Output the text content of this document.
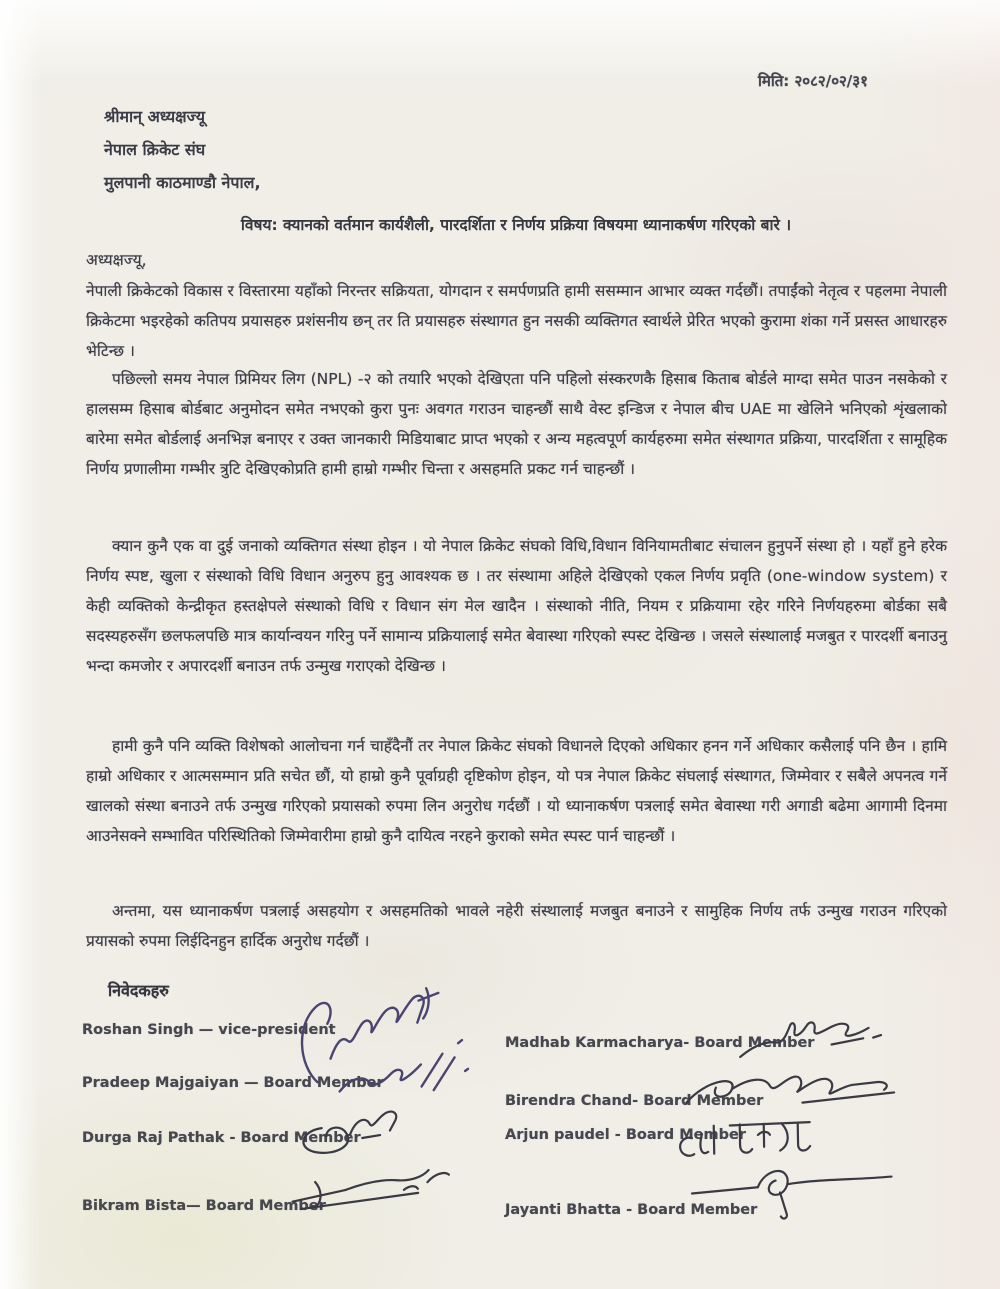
मिति: २०८२/०२/३१
श्रीमान् अध्यक्षज्यू
नेपाल क्रिकेट संघ
मुलपानी काठमाण्डौ नेपाल,
विषय: क्यानको वर्तमान कार्यशैली, पारदर्शिता र निर्णय प्रक्रिया विषयमा ध्यानाकर्षण गरिएको बारे ।
अध्यक्षज्यू,

नेपाली क्रिकेटको विकास र विस्तारमा यहाँको निरन्तर सक्रियता, योगदान र समर्पणप्रति हामी ससम्मान आभार व्यक्त गर्दछौं। तपाईंको नेतृत्व र पहलमा नेपाली क्रिकेटमा भइरहेको कतिपय प्रयासहरु प्रशंसनीय छन् तर ति प्रयासहरु संस्थागत हुन नसकी व्यक्तिगत स्वार्थले प्रेरित भएको कुरामा शंका गर्ने प्रसस्त आधारहरु भेटिन्छ ।

पछिल्लो समय नेपाल प्रिमियर लिग (NPL) -२ को तयारि भएको देखिएता पनि पहिलो संस्करणकै हिसाब किताब बोर्डले माग्दा समेत पाउन नसकेको र हालसम्म हिसाब बोर्डबाट अनुमोदन समेत नभएको कुरा पुनः अवगत गराउन चाहन्छौं साथै वेस्ट इन्डिज र नेपाल बीच UAE मा खेलिने भनिएको शृंखलाको बारेमा समेत बोर्डलाई अनभिज्ञ बनाएर र उक्त जानकारी मिडियाबाट प्राप्त भएको र अन्य महत्वपूर्ण कार्यहरुमा समेत संस्थागत प्रक्रिया, पारदर्शिता र सामूहिक निर्णय प्रणालीमा गम्भीर त्रुटि देखिएकोप्रति हामी हाम्रो गम्भीर चिन्ता र असहमति प्रकट गर्न चाहन्छौं ।

क्यान कुनै एक वा दुई जनाको व्यक्तिगत संस्था होइन । यो नेपाल क्रिकेट संघको विधि,विधान विनियामतीबाट संचालन हुनुपर्ने संस्था हो । यहाँ हुने हरेक निर्णय स्पष्ट, खुला र संस्थाको विधि विधान अनुरुप हुनु आवश्यक छ । तर संस्थामा अहिले देखिएको एकल निर्णय प्रवृति (one-window system) र केही व्यक्तिको केन्द्रीकृत हस्तक्षेपले संस्थाको विधि र विधान संग मेल खादैन । संस्थाको नीति, नियम र प्रक्रियामा रहेर गरिने निर्णयहरुमा बोर्डका सबै सदस्यहरुसँग छलफलपछि मात्र कार्यान्वयन गरिनु पर्ने सामान्य प्रक्रियालाई समेत बेवास्था गरिएको स्पस्ट देखिन्छ । जसले संस्थालाई मजबुत र पारदर्शी बनाउनु भन्दा कमजोर र अपारदर्शी बनाउन तर्फ उन्मुख गराएको देखिन्छ ।

हामी कुनै पनि व्यक्ति विशेषको आलोचना गर्न चाहँदैनौं तर नेपाल क्रिकेट संघको विधानले दिएको अधिकार हनन गर्ने अधिकार कसैलाई पनि छैन । हामि हाम्रो अधिकार र आत्मसम्मान प्रति सचेत छौं, यो हाम्रो कुनै पूर्वाग्रही दृष्टिकोण होइन, यो पत्र नेपाल क्रिकेट संघलाई संस्थागत, जिम्मेवार र सबैले अपनत्व गर्ने खालको संस्था बनाउने तर्फ उन्मुख गरिएको प्रयासको रुपमा लिन अनुरोध गर्दछौं । यो ध्यानाकर्षण पत्रलाई समेत बेवास्था गरी अगाडी बढेमा आगामी दिनमा आउनेसक्ने सम्भावित परिस्थितिको जिम्मेवारीमा हाम्रो कुनै दायित्व नरहने कुराको समेत स्पस्ट पार्न चाहन्छौं ।

अन्तमा, यस ध्यानाकर्षण पत्रलाई असहयोग र असहमतिको भावले नहेरी संस्थालाई मजबुत बनाउने र सामुहिक निर्णय तर्फ उन्मुख गराउन गरिएको प्रयासको रुपमा लिईदिनहुन हार्दिक अनुरोध गर्दछौं ।

निवेदकहरु
Roshan Singh — vice-president
Pradeep Majgaiyan — Board Member
Durga Raj Pathak - Board Member
Bikram Bista— Board Member
Madhab Karmacharya- Board Member
Birendra Chand- Board Member
Arjun paudel - Board Member
Jayanti Bhatta - Board Member
